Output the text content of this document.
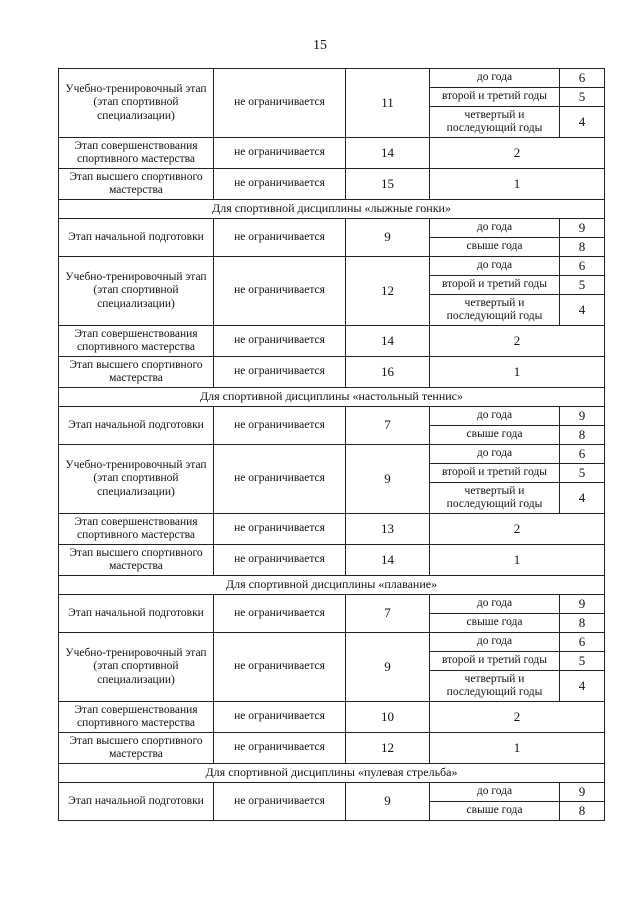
15
Учебно-тренировочный этап (этап спортивной специализации)	не ограничивается	11	до года	6
			второй и третий годы	5
			четвертый и последующий годы	4
Этап совершенствования спортивного мастерства	не ограничивается	14	2	
Этап высшего спортивного мастерства	не ограничивается	15	1	
Для спортивной дисциплины «лыжные гонки»				
Этап начальной подготовки	не ограничивается	9	до года	9
			свыше года	8
Учебно-тренировочный этап (этап спортивной специализации)	не ограничивается	12	до года	6
			второй и третий годы	5
			четвертый и последующий годы	4
Этап совершенствования спортивного мастерства	не ограничивается	14	2	
Этап высшего спортивного мастерства	не ограничивается	16	1	
Для спортивной дисциплины «настольный теннис»				
Этап начальной подготовки	не ограничивается	7	до года	9
			свыше года	8
Учебно-тренировочный этап (этап спортивной специализации)	не ограничивается	9	до года	6
			второй и третий годы	5
			четвертый и последующий годы	4
Этап совершенствования спортивного мастерства	не ограничивается	13	2	
Этап высшего спортивного мастерства	не ограничивается	14	1	
Для спортивной дисциплины «плавание»				
Этап начальной подготовки	не ограничивается	7	до года	9
			свыше года	8
Учебно-тренировочный этап (этап спортивной специализации)	не ограничивается	9	до года	6
			второй и третий годы	5
			четвертый и последующий годы	4
Этап совершенствования спортивного мастерства	не ограничивается	10	2	
Этап высшего спортивного мастерства	не ограничивается	12	1	
Для спортивной дисциплины «пулевая стрельба»				
Этап начальной подготовки	не ограничивается	9	до года	9
			свыше года	8
